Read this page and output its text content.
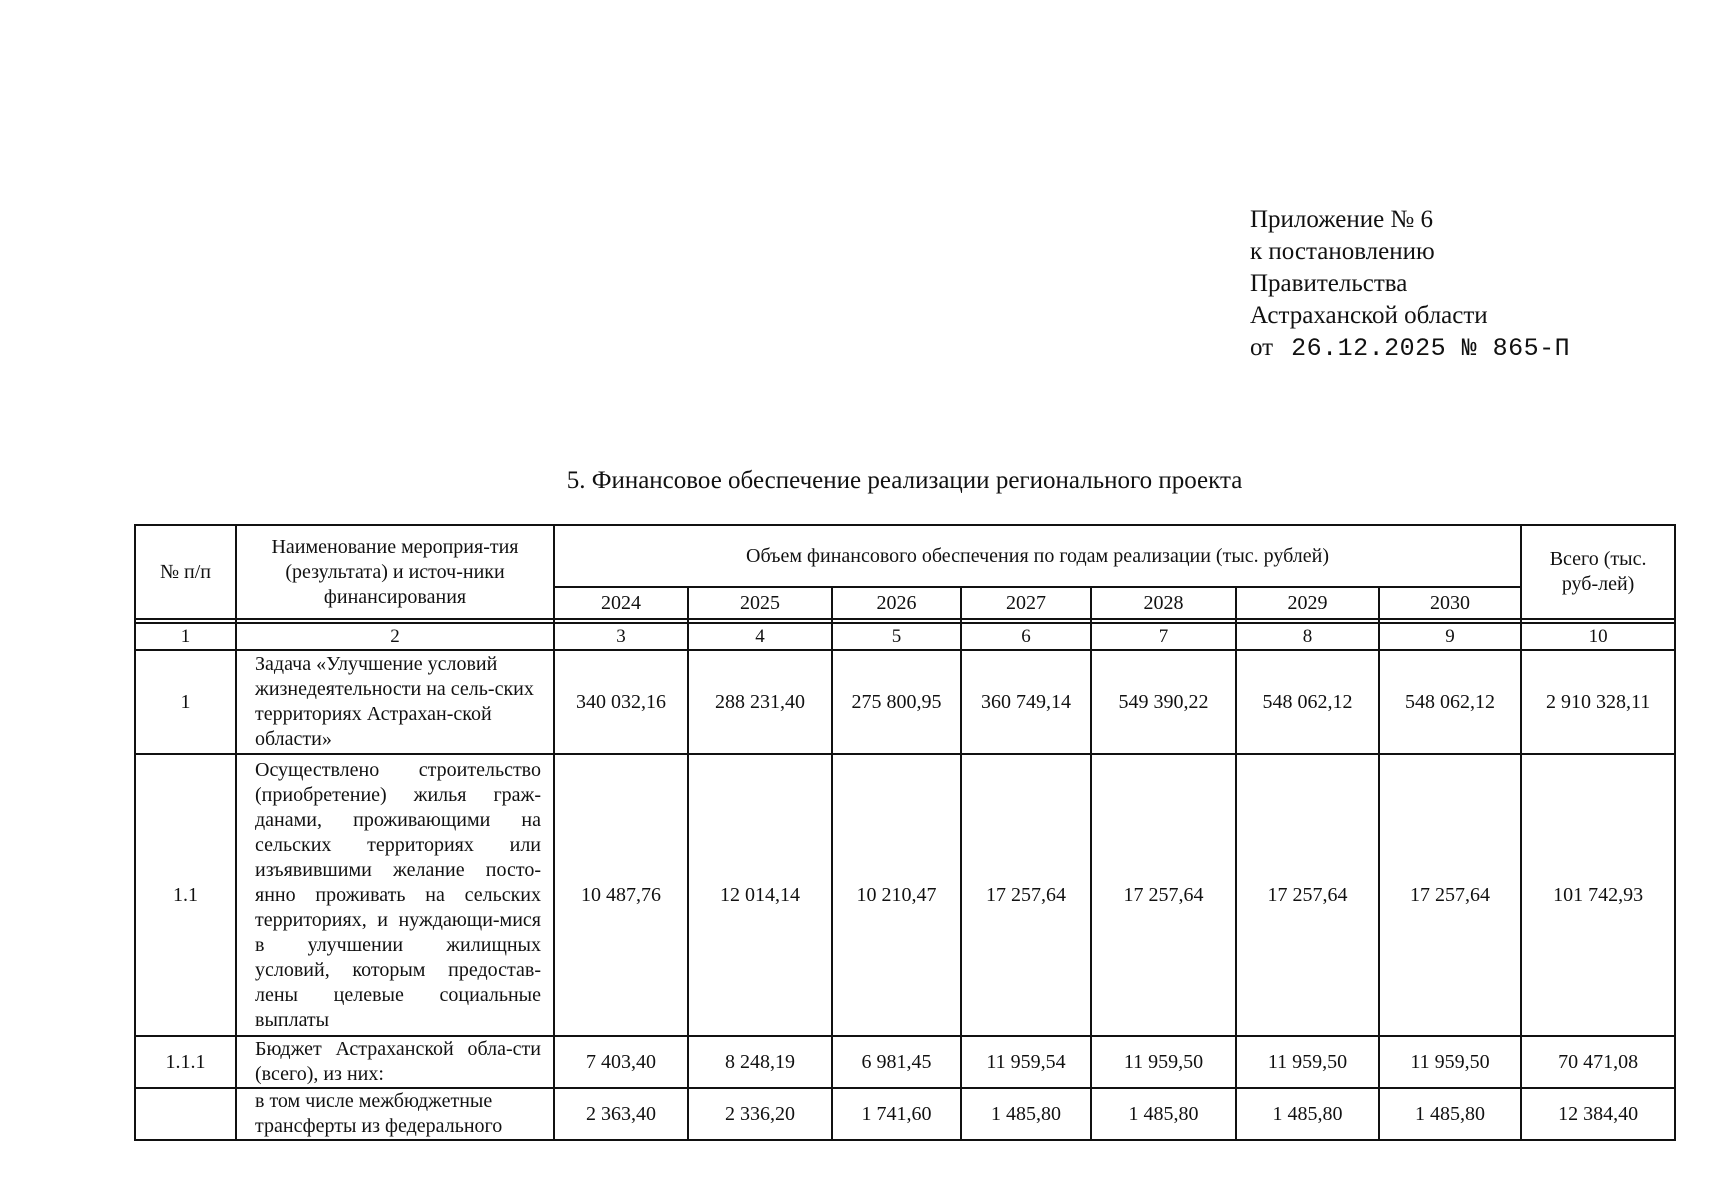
Приложение № 6
к постановлению
Правительства
Астраханской области
от 26.12.2025 № 865-П
5. Финансовое обеспечение реализации регионального проекта
№ п/п	Наименование мероприя-тия (результата) и источ-ники финансирования	Объем финансового обеспечения по годам реализации (тыс. рублей)							Всего (тыс. руб-лей)
		2024	2025	2026	2027	2028	2029	2030	

1	2	3	4	5	6	7	8	9	10
1	Задача «Улучшение условий жизнедеятельности на сель-ских территориях Астрахан-ской области»	340 032,16	288 231,40	275 800,95	360 749,14	549 390,22	548 062,12	548 062,12	2 910 328,11
1.1	Осуществлено строительство (приобретение) жилья граж-данами, проживающими на сельских территориях или изъявившими желание посто-янно проживать на сельских территориях, и нуждающи-мися в улучшении жилищных условий, которым предостав-лены целевые социальные выплаты	10 487,76	12 014,14	10 210,47	17 257,64	17 257,64	17 257,64	17 257,64	101 742,93
1.1.1	Бюджет Астраханской обла-сти (всего), из них:	7 403,40	8 248,19	6 981,45	11 959,54	11 959,50	11 959,50	11 959,50	70 471,08
	в том числе межбюджетные трансферты из федерального	2 363,40	2 336,20	1 741,60	1 485,80	1 485,80	1 485,80	1 485,80	12 384,40
